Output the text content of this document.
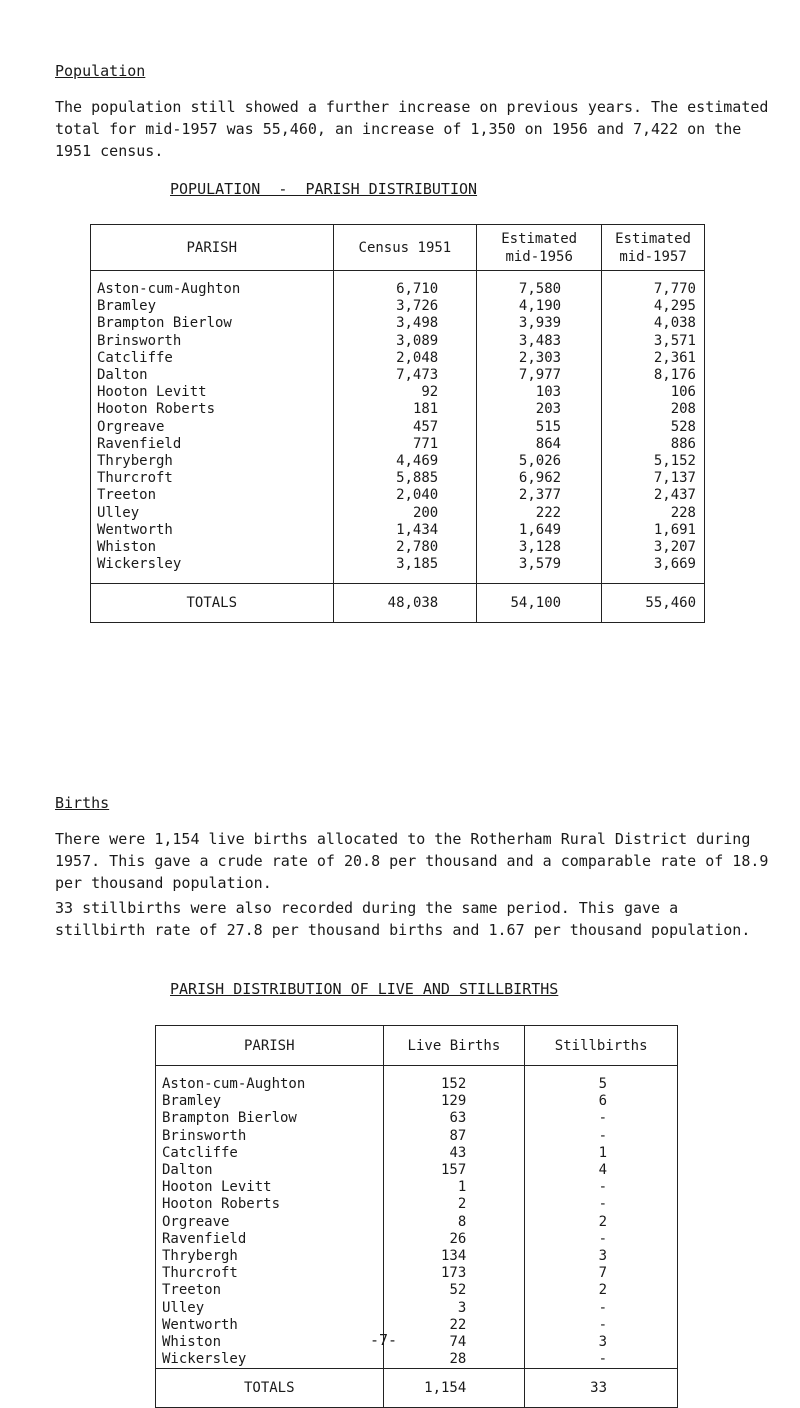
Population

The population still showed a further increase on previous years. The estimated total for mid-1957 was 55,460, an increase of 1,350 on 1956 and 7,422 on the 1951 census.

POPULATION  -  PARISH DISTRIBUTION
PARISH	Census 1951	Estimated mid-1956	Estimated mid-1957

Aston-cum-Aughton	6,710	7,580	7,770
Bramley	3,726	4,190	4,295
Brampton Bierlow	3,498	3,939	4,038
Brinsworth	3,089	3,483	3,571
Catcliffe	2,048	2,303	2,361
Dalton	7,473	7,977	8,176
Hooton Levitt	92	103	106
Hooton Roberts	181	203	208
Orgreave	457	515	528
Ravenfield	771	864	886
Thrybergh	4,469	5,026	5,152
Thurcroft	5,885	6,962	7,137
Treeton	2,040	2,377	2,437
Ulley	200	222	228
Wentworth	1,434	1,649	1,691
Whiston	2,780	3,128	3,207
Wickersley	3,185	3,579	3,669

TOTALS	48,038	54,100	55,460
Births

There were 1,154 live births allocated to the Rotherham Rural District during 1957. This gave a crude rate of 20.8 per thousand and a comparable rate of 18.9 per thousand population.

33 stillbirths were also recorded during the same period. This gave a stillbirth rate of 27.8 per thousand births and 1.67 per thousand population.

PARISH DISTRIBUTION OF LIVE AND STILLBIRTHS
PARISH	Live Births	Stillbirths

Aston-cum-Aughton	152	5
Bramley	129	6
Brampton Bierlow	63	-
Brinsworth	87	-
Catcliffe	43	1
Dalton	157	4
Hooton Levitt	1	-
Hooton Roberts	2	-
Orgreave	8	2
Ravenfield	26	-
Thrybergh	134	3
Thurcroft	173	7
Treeton	52	2
Ulley	3	-
Wentworth	22	-
Whiston	74	3
Wickersley	28	-
TOTALS	1,154	33
-7-
